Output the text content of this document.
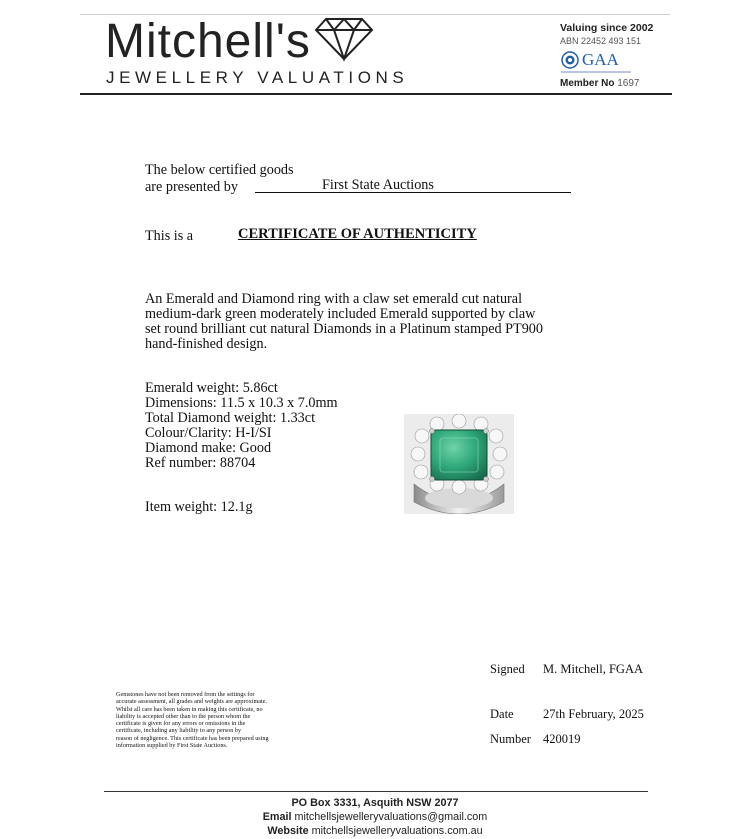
Mitchell's
JEWELLERY VALUATIONS
Valuing since 2002
ABN 22452 493 151
GAA
Member No 1697
The below certified goods
are presented by	First State Auctions
This is a	CERTIFICATE OF AUTHENTICITY
An Emerald and Diamond ring with a claw set emerald cut natural
medium-dark green moderately included Emerald supported by claw
set round brilliant cut natural Diamonds in a Platinum stamped PT900
hand-finished design.
Emerald weight: 5.86ct
Dimensions: 11.5 x 10.3 x 7.0mm
Total Diamond weight: 1.33ct
Colour/Clarity: H-I/SI
Diamond make: Good
Ref number: 88704
Item weight: 12.1g
Signed M. Mitchell, FGAA
Date 27th February, 2025
Number 420019
Gemstones have not been removed from the settings for
accurate assessment, all grades and weights are approximate.
Whilst all care has been taken in making this certificate, no
liability is accepted other than to the person whom the
certificate is given for any errors or omissions in the
certificate, including any liability to any person by
reason of negligence. This certificate has been prepared using
information supplied by First State Auctions.
PO Box 3331, Asquith NSW 2077
Email mitchellsjewelleryvaluations@gmail.com
Website mitchellsjewelleryvaluations.com.au
